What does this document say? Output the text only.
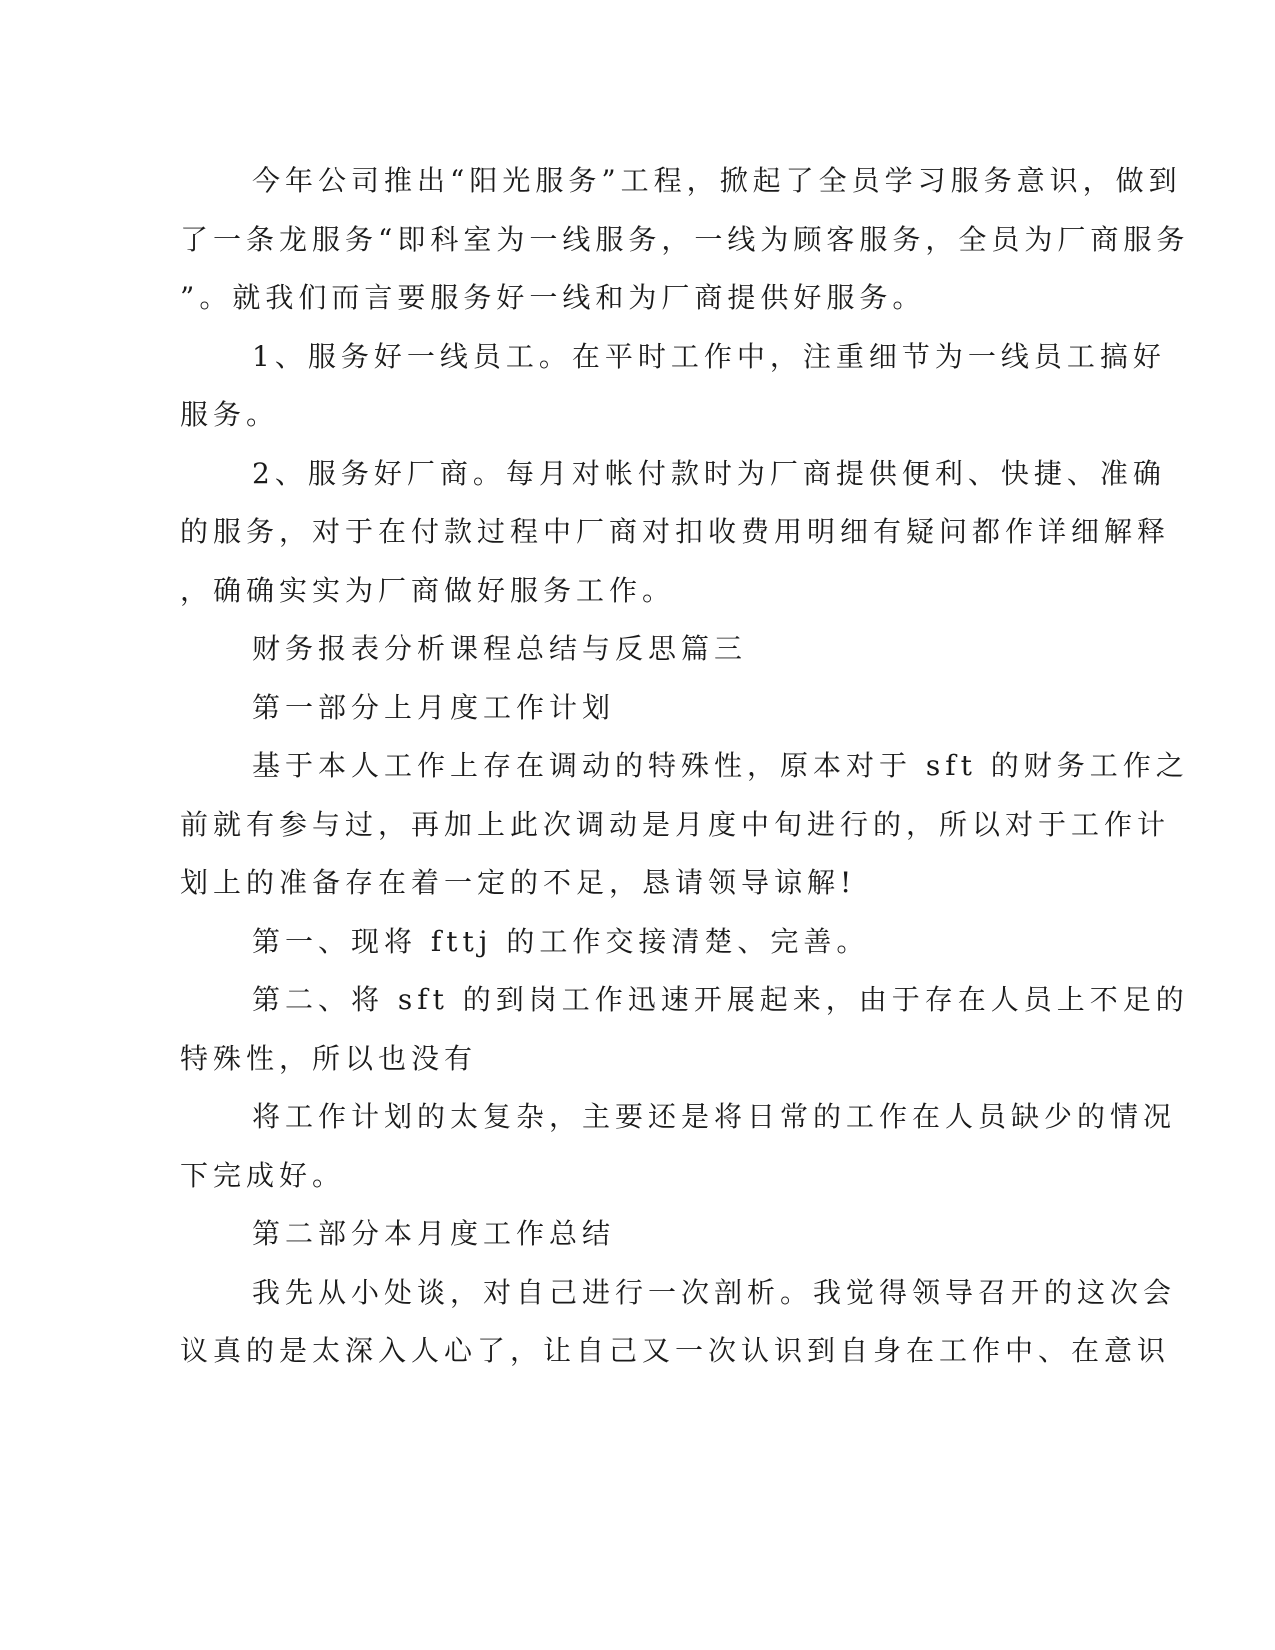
今年公司推出“阳光服务”工程，掀起了全员学习服务意识，做到
了一条龙服务“即科室为一线服务，一线为顾客服务，全员为厂商服务
”。就我们而言要服务好一线和为厂商提供好服务。
1、服务好一线员工。在平时工作中，注重细节为一线员工搞好
服务。
2、服务好厂商。每月对帐付款时为厂商提供便利、快捷、准确
的服务，对于在付款过程中厂商对扣收费用明细有疑问都作详细解释
，确确实实为厂商做好服务工作。
财务报表分析课程总结与反思篇三
第一部分上月度工作计划
基于本人工作上存在调动的特殊性，原本对于 sft 的财务工作之
前就有参与过，再加上此次调动是月度中旬进行的，所以对于工作计
划上的准备存在着一定的不足，恳请领导谅解!
第一、现将 fttj 的工作交接清楚、完善。
第二、将 sft 的到岗工作迅速开展起来，由于存在人员上不足的
特殊性，所以也没有
将工作计划的太复杂，主要还是将日常的工作在人员缺少的情况
下完成好。
第二部分本月度工作总结
我先从小处谈，对自己进行一次剖析。我觉得领导召开的这次会
议真的是太深入人心了，让自己又一次认识到自身在工作中、在意识
